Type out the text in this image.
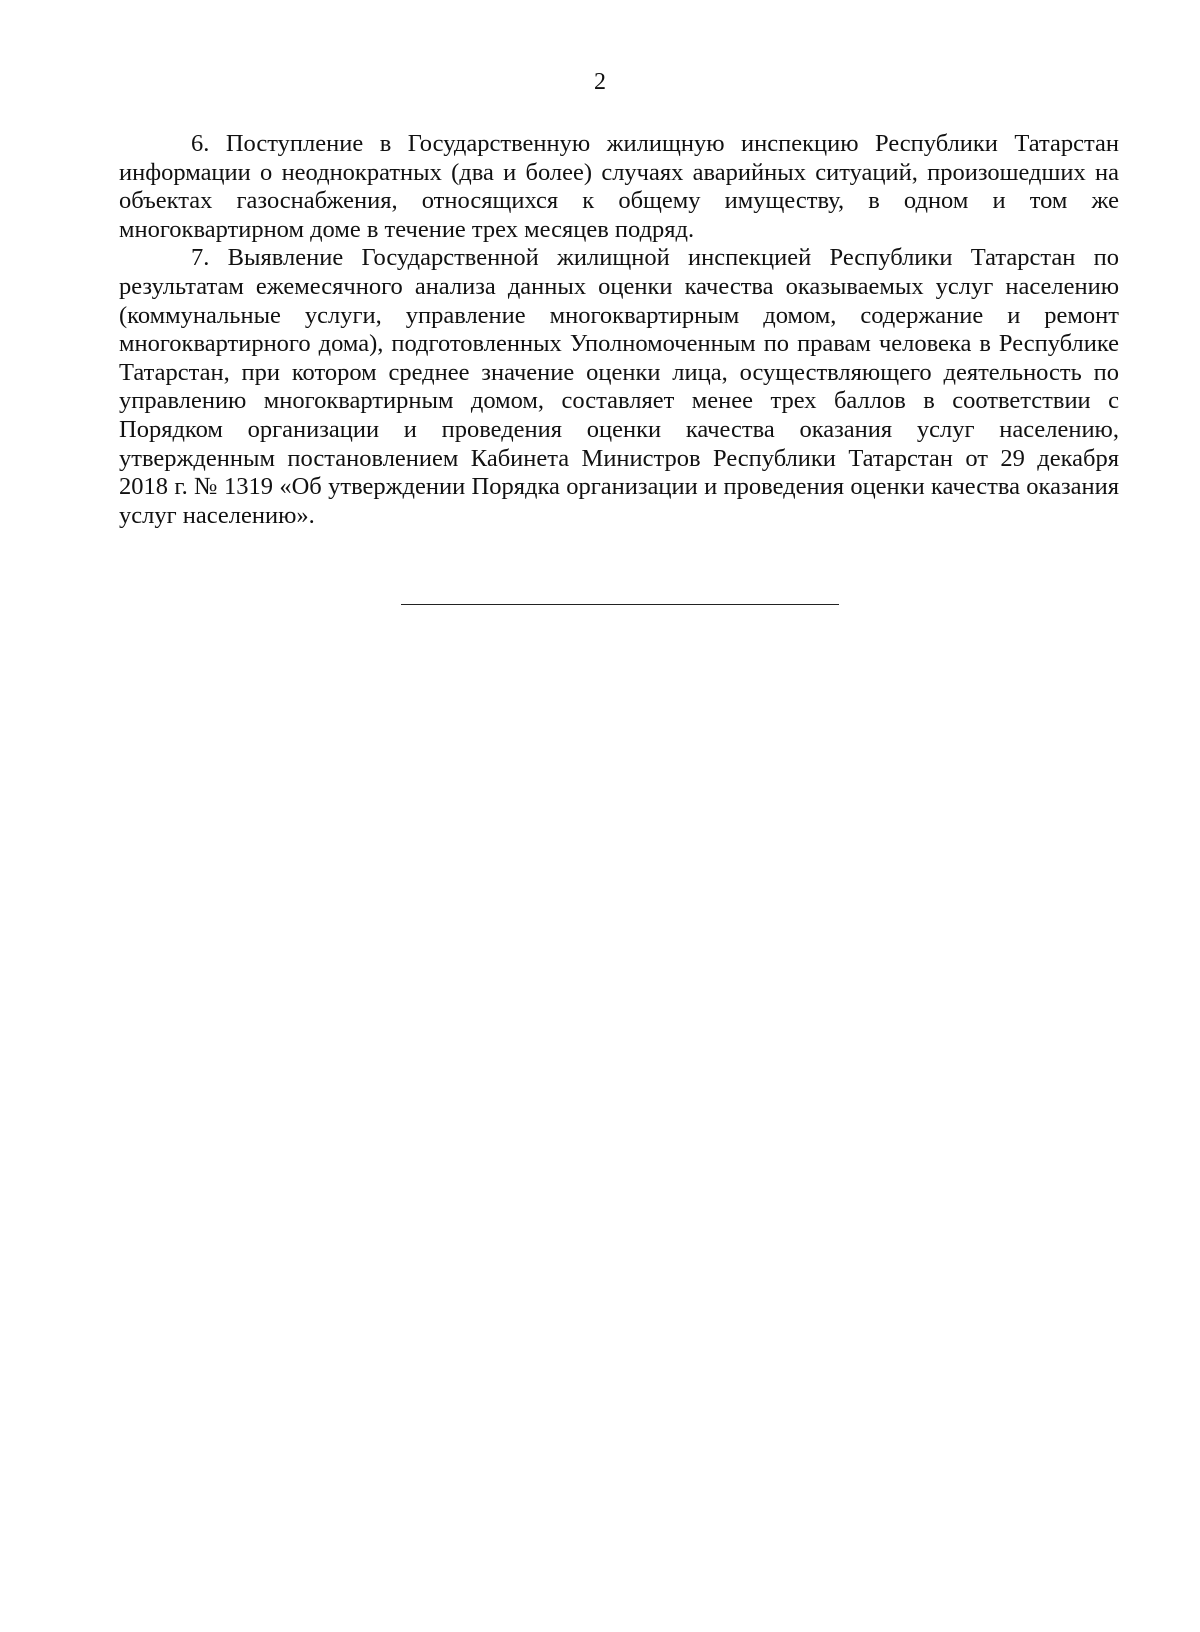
2

6. Поступление в Государственную жилищную инспекцию Республики Татарстан информации о неоднократных (два и более) случаях аварийных ситуаций, произошедших на объектах газоснабжения, относящихся к общему имуществу, в одном и том же многоквартирном доме в течение трех месяцев подряд.

7. Выявление Государственной жилищной инспекцией Республики Татарстан по результатам ежемесячного анализа данных оценки качества оказываемых услуг населению (коммунальные услуги, управление многоквартирным домом, содержание и ремонт многоквартирного дома), подготовленных Уполномоченным по правам человека в Республике Татарстан, при котором среднее значение оценки лица, осуществляющего деятельность по управлению многоквартирным домом, составляет менее трех баллов в соответствии с Порядком организации и проведения оценки качества оказания услуг населению, утвержденным постановлением Кабинета Министров Республики Татарстан от 29 декабря 2018 г. № 1319 «Об утверждении Порядка организации и проведения оценки качества оказания услуг населению».
